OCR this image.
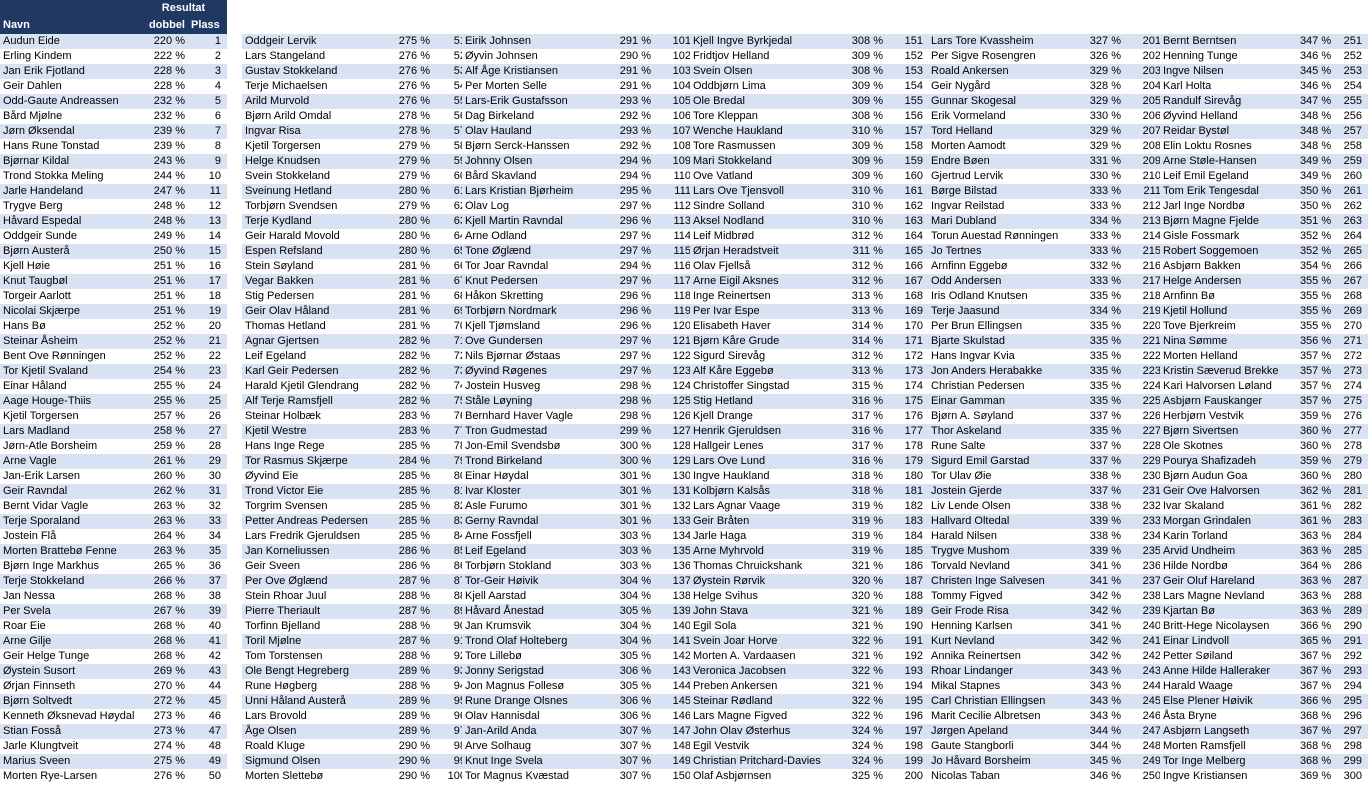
	Resultat	
Navn	dobbel	Plass
Audun Eide	220 %	1
Erling Kindem	222 %	2
Jan Erik Fjotland	228 %	3
Geir Dahlen	228 %	4
Odd-Gaute Andreassen	232 %	5
Bård Mjølne	232 %	6
Jørn Øksendal	239 %	7
Hans Rune Tonstad	239 %	8
Bjørnar Kildal	243 %	9
Trond Stokka Meling	244 %	10
Jarle Handeland	247 %	11
Trygve Berg	248 %	12
Håvard Espedal	248 %	13
Oddgeir Sunde	249 %	14
Bjørn Austerå	250 %	15
Kjell Høie	251 %	16
Knut Taugbøl	251 %	17
Torgeir Aarlott	251 %	18
Nicolai Skjærpe	251 %	19
Hans Bø	252 %	20
Steinar Åsheim	252 %	21
Bent Ove Rønningen	252 %	22
Tor Kjetil Svaland	254 %	23
Einar Håland	255 %	24
Aage Houge-Thiis	255 %	25
Kjetil Torgersen	257 %	26
Lars Madland	258 %	27
Jørn-Atle Borsheim	259 %	28
Arne Vagle	261 %	29
Jan-Erik Larsen	260 %	30
Geir Ravndal	262 %	31
Bernt Vidar Vagle	263 %	32
Terje Sporaland	263 %	33
Jostein Flå	264 %	34
Morten Brattebø Fenne	263 %	35
Bjørn Inge Markhus	265 %	36
Terje Stokkeland	266 %	37
Jan Nessa	268 %	38
Per Svela	267 %	39
Roar Eie	268 %	40
Arne Gilje	268 %	41
Geir Helge Tunge	268 %	42
Øystein Susort	269 %	43
Ørjan Finnseth	270 %	44
Bjørn Soltvedt	272 %	45
Kenneth Øksnevad Høydal	273 %	46
Stian Fosså	273 %	47
Jarle Klungtveit	274 %	48
Marius Sveen	275 %	49
Morten Rye-Larsen	276 %	50

Oddgeir Lervik	275 %	51
Lars Stangeland	276 %	52
Gustav Stokkeland	276 %	53
Terje Michaelsen	276 %	54
Arild Murvold	276 %	55
Bjørn Arild Omdal	278 %	56
Ingvar Risa	278 %	57
Kjetil Torgersen	279 %	58
Helge Knudsen	279 %	59
Svein Stokkeland	279 %	60
Sveinung Hetland	280 %	61
Torbjørn Svendsen	279 %	62
Terje Kydland	280 %	63
Geir Harald Movold	280 %	64
Espen Refsland	280 %	65
Stein Søyland	281 %	66
Vegar Bakken	281 %	67
Stig Pedersen	281 %	68
Geir Olav Håland	281 %	69
Thomas Hetland	281 %	70
Agnar Gjertsen	282 %	71
Leif Egeland	282 %	72
Karl Geir Pedersen	282 %	73
Harald Kjetil Glendrang	282 %	74
Alf Terje Ramsfjell	282 %	75
Steinar Holbæk	283 %	76
Kjetil Westre	283 %	77
Hans Inge Rege	285 %	78
Tor Rasmus Skjærpe	284 %	79
Øyvind Eie	285 %	80
Trond Victor Eie	285 %	81
Torgrim Svensen	285 %	82
Petter Andreas Pedersen	285 %	83
Lars Fredrik Gjeruldsen	285 %	84
Jan Korneliussen	286 %	85
Geir Sveen	286 %	86
Per Ove Øglænd	287 %	87
Stein Rhoar Juul	288 %	88
Pierre Theriault	287 %	89
Torfinn Bjelland	288 %	90
Toril Mjølne	287 %	91
Tom Torstensen	288 %	92
Ole Bengt Hegreberg	289 %	93
Rune Høgberg	288 %	94
Unni Håland Austerå	289 %	95
Lars Brovold	289 %	96
Åge Olsen	289 %	97
Roald Kluge	290 %	98
Sigmund Olsen	290 %	99
Morten Slettebø	290 %	100

Eirik Johnsen	291 %	101
Øyvin Johnsen	290 %	102
Alf Åge Kristiansen	291 %	103
Per Morten Selle	291 %	104
Lars-Erik Gustafsson	293 %	105
Dag Birkeland	292 %	106
Olav Hauland	293 %	107
Bjørn Serck-Hanssen	292 %	108
Johnny Olsen	294 %	109
Bård Skavland	294 %	110
Lars Kristian Bjørheim	295 %	111
Olav Log	297 %	112
Kjell Martin Ravndal	296 %	113
Arne Odland	297 %	114
Tone Øglænd	297 %	115
Tor Joar Ravndal	294 %	116
Knut Pedersen	297 %	117
Håkon Skretting	296 %	118
Torbjørn Nordmark	296 %	119
Kjell Tjømsland	296 %	120
Ove Gundersen	297 %	121
Nils Bjørnar Østaas	297 %	122
Øyvind Røgenes	297 %	123
Jostein Husveg	298 %	124
Ståle Løyning	298 %	125
Bernhard Haver Vagle	298 %	126
Tron Gudmestad	299 %	127
Jon-Emil Svendsbø	300 %	128
Trond Birkeland	300 %	129
Einar Høydal	301 %	130
Ivar Kloster	301 %	131
Asle Furumo	301 %	132
Gerny Ravndal	301 %	133
Arne Fossfjell	303 %	134
Leif Egeland	303 %	135
Torbjørn Stokland	303 %	136
Tor-Geir Høivik	304 %	137
Kjell Aarstad	304 %	138
Håvard Ånestad	305 %	139
Jan Krumsvik	304 %	140
Trond Olaf Holteberg	304 %	141
Tore Lillebø	305 %	142
Jonny Serigstad	306 %	143
Jon Magnus Follesø	305 %	144
Rune Drange Olsnes	306 %	145
Olav Hannisdal	306 %	146
Jan-Arild Anda	307 %	147
Arve Solhaug	307 %	148
Knut Inge Svela	307 %	149
Tor Magnus Kvæstad	307 %	150

Kjell Ingve Byrkjedal	308 %	151
Fridtjov Helland	309 %	152
Svein Olsen	308 %	153
Oddbjørn Lima	309 %	154
Ole Bredal	309 %	155
Tore Kleppan	308 %	156
Wenche Haukland	310 %	157
Tore Rasmussen	309 %	158
Mari Stokkeland	309 %	159
Ove Vatland	309 %	160
Lars Ove Tjensvoll	310 %	161
Sindre Solland	310 %	162
Aksel Nodland	310 %	163
Leif Midbrød	312 %	164
Ørjan Heradstveit	311 %	165
Olav Fjellså	312 %	166
Arne Eigil Aksnes	312 %	167
Inge Reinertsen	313 %	168
Per Ivar Espe	313 %	169
Elisabeth Haver	314 %	170
Bjørn Kåre Grude	314 %	171
Sigurd Sirevåg	312 %	172
Alf Kåre Eggebø	313 %	173
Christoffer Singstad	315 %	174
Stig Hetland	316 %	175
Kjell Drange	317 %	176
Henrik Gjeruldsen	316 %	177
Hallgeir Lenes	317 %	178
Lars Ove Lund	316 %	179
Ingve Haukland	318 %	180
Kolbjørn Kalsås	318 %	181
Lars Agnar Vaage	319 %	182
Geir Bråten	319 %	183
Jarle Haga	319 %	184
Arne Myhrvold	319 %	185
Thomas Chruickshank	321 %	186
Øystein Rørvik	320 %	187
Helge Svihus	320 %	188
John Stava	321 %	189
Egil Sola	321 %	190
Svein Joar Horve	322 %	191
Morten A. Vardaasen	321 %	192
Veronica Jacobsen	322 %	193
Preben Ankersen	321 %	194
Steinar Rødland	322 %	195
Lars Magne Figved	322 %	196
John Olav Østerhus	324 %	197
Egil Vestvik	324 %	198
Christian Pritchard-Davies	324 %	199
Olaf Asbjørnsen	325 %	200

Lars Tore Kvassheim	327 %	201
Per Sigve Rosengren	326 %	202
Roald Ankersen	329 %	203
Geir Nygård	328 %	204
Gunnar Skogesal	329 %	205
Erik Vormeland	330 %	206
Tord Helland	329 %	207
Morten Aamodt	329 %	208
Endre Bøen	331 %	209
Gjertrud Lervik	330 %	210
Børge Bilstad	333 %	211
Ingvar Reilstad	333 %	212
Mari Dubland	334 %	213
Torun Auestad Rønningen	333 %	214
Jo Tertnes	333 %	215
Arnfinn Eggebø	332 %	216
Odd Andersen	333 %	217
Iris Odland Knutsen	335 %	218
Terje Jaasund	334 %	219
Per Brun Ellingsen	335 %	220
Bjarte Skulstad	335 %	221
Hans Ingvar Kvia	335 %	222
Jon Anders Herabakke	335 %	223
Christian Pedersen	335 %	224
Einar Gamman	335 %	225
Bjørn A. Søyland	337 %	226
Thor Askeland	335 %	227
Rune Salte	337 %	228
Sigurd Emil Garstad	337 %	229
Tor Ulav Øie	338 %	230
Jostein Gjerde	337 %	231
Liv Lende Olsen	338 %	232
Hallvard Oltedal	339 %	233
Harald Nilsen	338 %	234
Trygve Mushom	339 %	235
Torvald Nevland	341 %	236
Christen Inge Salvesen	341 %	237
Tommy Figved	342 %	238
Geir Frode Risa	342 %	239
Henning Karlsen	341 %	240
Kurt Nevland	342 %	241
Annika Reinertsen	342 %	242
Rhoar Lindanger	343 %	243
Mikal Stapnes	343 %	244
Carl Christian Ellingsen	343 %	245
Marit Cecilie Albretsen	343 %	246
Jørgen Apeland	344 %	247
Gaute Stangborli	344 %	248
Jo Håvard Borsheim	345 %	249
Nicolas Taban	346 %	250

Bernt Berntsen	347 %	251
Henning Tunge	346 %	252
Ingve Nilsen	345 %	253
Karl Holta	346 %	254
Randulf Sirevåg	347 %	255
Øyvind Helland	348 %	256
Reidar Bystøl	348 %	257
Elin Loktu Rosnes	348 %	258
Arne Støle-Hansen	349 %	259
Leif Emil Egeland	349 %	260
Tom Erik Tengesdal	350 %	261
Jarl Inge Nordbø	350 %	262
Bjørn Magne Fjelde	351 %	263
Gisle Fossmark	352 %	264
Robert Soggemoen	352 %	265
Asbjørn Bakken	354 %	266
Helge Andersen	355 %	267
Arnfinn Bø	355 %	268
Kjetil Hollund	355 %	269
Tove Bjerkreim	355 %	270
Nina Sømme	356 %	271
Morten Helland	357 %	272
Kristin Sæverud Brekke	357 %	273
Kari Halvorsen Løland	357 %	274
Asbjørn Fauskanger	357 %	275
Herbjørn Vestvik	359 %	276
Bjørn Sivertsen	360 %	277
Ole Skotnes	360 %	278
Pourya Shafizadeh	359 %	279
Bjørn Audun Goa	360 %	280
Geir Ove Halvorsen	362 %	281
Ivar Skaland	361 %	282
Morgan Grindalen	361 %	283
Karin Torland	363 %	284
Arvid Undheim	363 %	285
Hilde Nordbø	364 %	286
Geir Oluf Hareland	363 %	287
Lars Magne Nevland	363 %	288
Kjartan Bø	363 %	289
Britt-Hege Nicolaysen	366 %	290
Einar Lindvoll	365 %	291
Petter Søiland	367 %	292
Anne Hilde Halleraker	367 %	293
Harald Waage	367 %	294
Else Plener Høivik	366 %	295
Åsta Bryne	368 %	296
Asbjørn Langseth	367 %	297
Morten Ramsfjell	368 %	298
Tor Inge Melberg	368 %	299
Ingve Kristiansen	369 %	300
